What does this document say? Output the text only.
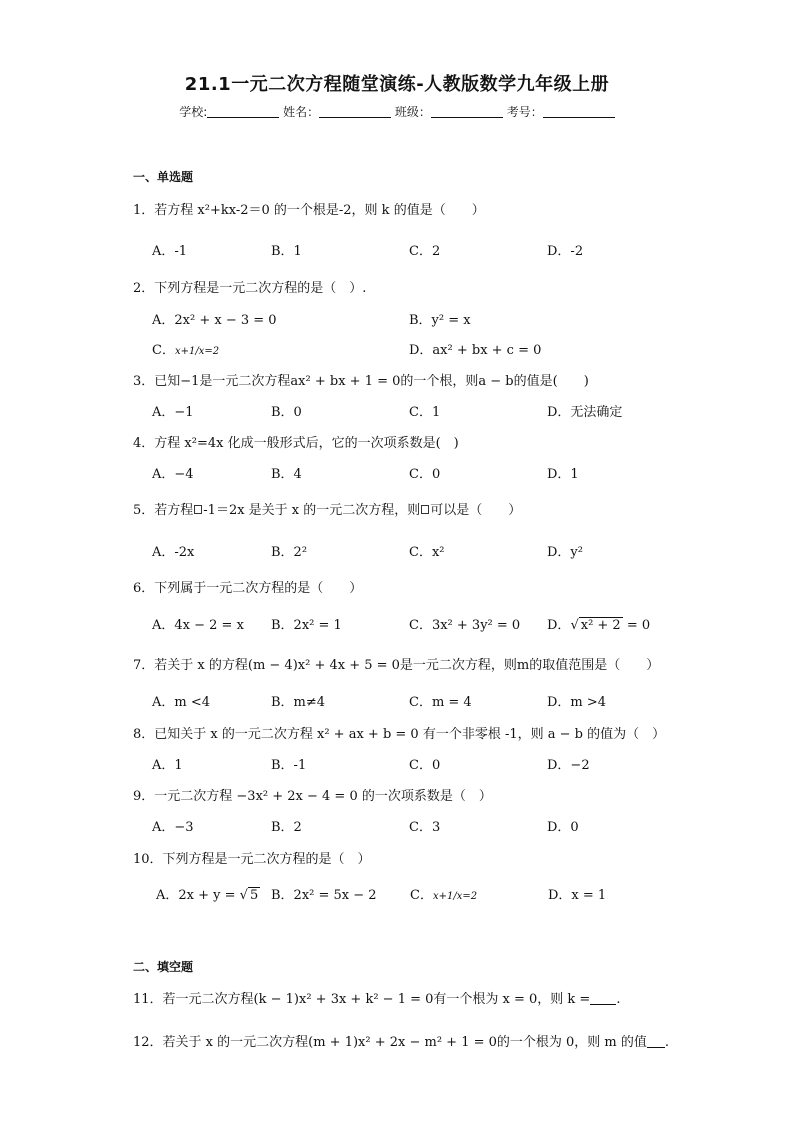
21.1一元二次方程随堂演练-人教版数学九年级上册
学校:	姓名：	班级：	考号：
一、单选题
1．若方程 x²+kx-2＝0 的一个根是-2，则 k 的值是（　　）
A．-1	B．1	C．2	D．-2
2．下列方程是一元二次方程的是（　）.
A．2x² + x − 3 = 0	B．y² = x
C．x+1/x=2	D．ax² + bx + c = 0
3．已知−1是一元二次方程ax² + bx + 1 = 0的一个根，则a − b的值是(　　)
A．−1	B．0	C．1	D．无法确定
4．方程 x²=4x 化成一般形式后，它的一次项系数是(　)
A．−4	B．4	C．0	D．1
5．若方程 -1＝2x 是关于 x 的一元二次方程，则 可以是（　　）
A．-2x	B．2²	C．x²	D．y²
6．下列属于一元二次方程的是（　　）
A．4x − 2 = x B．2x² = 1	C．3x² + 3y² = 0 D．√ x² + 2 = 0
7．若关于 x 的方程(m − 4)x² + 4x + 5 = 0是一元二次方程，则m的取值范围是（　　）
A．m <4	B．m≠4	C．m = 4	D．m >4
8．已知关于 x 的一元二次方程 x² + ax + b = 0 有一个非零根 -1，则 a − b 的值为（　）
A．1	B．-1	C．0	D．−2
9．一元二次方程 −3x² + 2x − 4 = 0 的一次项系数是（　）
A．−3	B．2	C．3	D．0
10．下列方程是一元二次方程的是（　）
A．2x + y = √ 5 B．2x² = 5x − 2	C．x+1/x=2	D．x = 1
二、填空题
11．若一元二次方程(k − 1)x² + 3x + k² − 1 = 0有一个根为 x = 0，则 k = .
12．若关于 x 的一元二次方程(m + 1)x² + 2x − m² + 1 = 0的一个根为 0，则 m 的值 .
